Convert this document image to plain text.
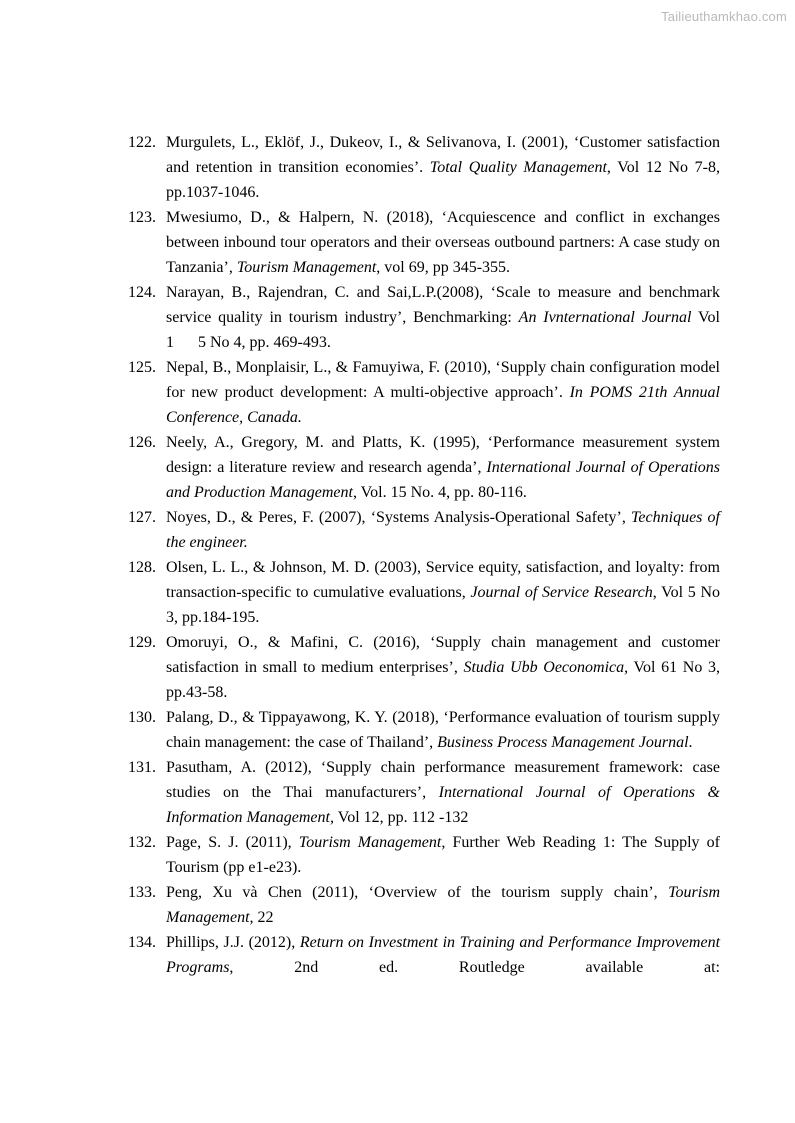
Tailieuthamkhao.com
122. Murgulets, L., Eklöf, J., Dukeov, I., & Selivanova, I. (2001), ‘Customer satisfaction and retention in transition economies’. Total Quality Management, Vol 12 No 7-8, pp.1037-1046.
123. Mwesiumo, D., & Halpern, N. (2018), ‘Acquiescence and conflict in exchanges between inbound tour operators and their overseas outbound partners: A case study on Tanzania’, Tourism Management, vol 69, pp 345-355.
124. Narayan, B., Rajendran, C. and Sai,L.P.(2008), ‘Scale to measure and benchmark service quality in tourism industry’, Benchmarking: An Ivnternational Journal Vol 1      5 No 4, pp. 469-493.
125. Nepal, B., Monplaisir, L., & Famuyiwa, F. (2010), ‘Supply chain configuration model for new product development: A multi-objective approach’. In POMS 21th Annual Conference, Canada.
126. Neely, A., Gregory, M. and Platts, K. (1995), ‘Performance measurement system design: a literature review and research agenda’, International Journal of Operations and Production Management, Vol. 15 No. 4, pp. 80-116.
127. Noyes, D., & Peres, F. (2007), ‘Systems Analysis-Operational Safety’, Techniques of the engineer.
128. Olsen, L. L., & Johnson, M. D. (2003), Service equity, satisfaction, and loyalty: from transaction-specific to cumulative evaluations, Journal of Service Research, Vol 5 No 3, pp.184-195.
129. Omoruyi, O., & Mafini, C. (2016), ‘Supply chain management and customer satisfaction in small to medium enterprises’, Studia Ubb Oeconomica, Vol 61 No 3, pp.43-58.
130. Palang, D., & Tippayawong, K. Y. (2018), ‘Performance evaluation of tourism supply chain management: the case of Thailand’, Business Process Management Journal.
131. Pasutham, A. (2012), ‘Supply chain performance measurement framework: case studies on the Thai manufacturers’, International Journal of Operations & Information Management, Vol 12, pp. 112 -132
132. Page, S. J. (2011), Tourism Management, Further Web Reading 1: The Supply of Tourism (pp e1-e23).
133. Peng, Xu và Chen (2011), ‘Overview of the tourism supply chain’, Tourism Management, 22
134. Phillips, J.J. (2012), Return on Investment in Training and Performance Improvement Programs, 2nd ed. Routledge available at:
